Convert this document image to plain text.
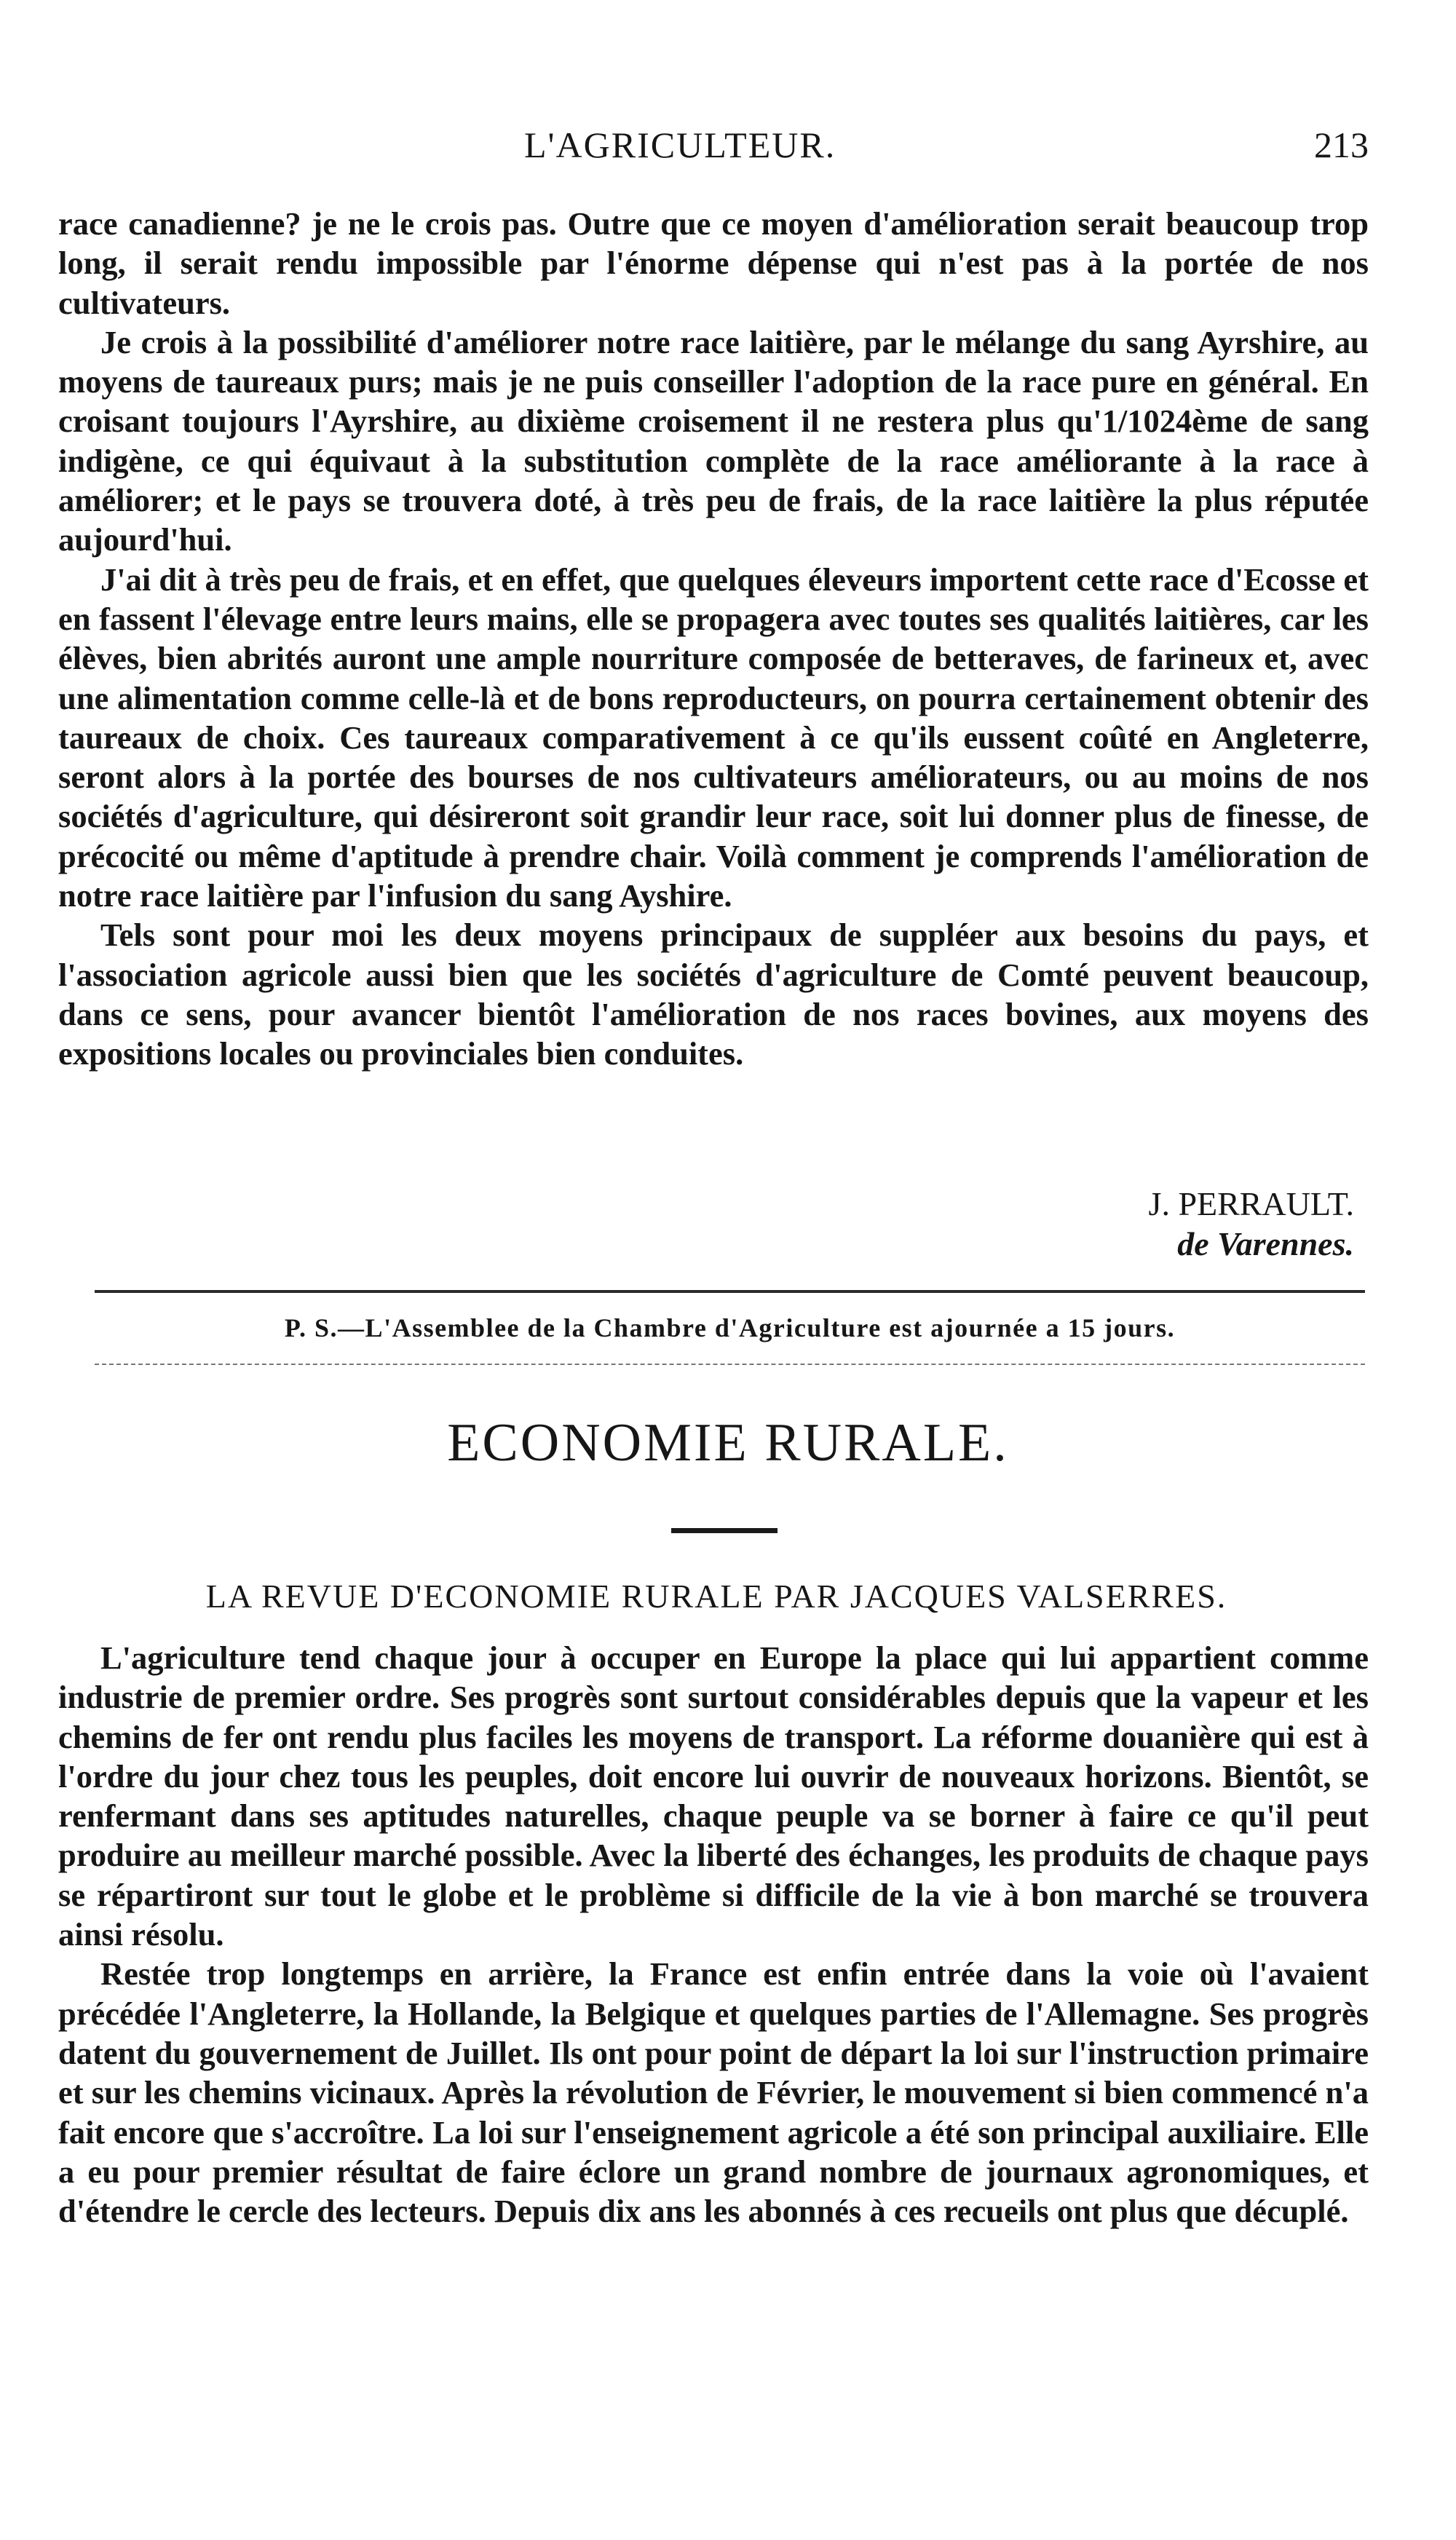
L'AGRICULTEUR.	213

race canadienne? je ne le crois pas. Outre que ce moyen d'amélioration serait beaucoup trop long, il serait rendu impossible par l'énorme dépense qui n'est pas à la portée de nos cultivateurs.

Je crois à la possibilité d'améliorer notre race laitière, par le mélange du sang Ayrshire, au moyens de taureaux purs; mais je ne puis conseiller l'adoption de la race pure en général. En croisant toujours l'Ayrshire, au dixième croisement il ne restera plus qu'1/1024ème de sang indigène, ce qui équivaut à la substitution complète de la race améliorante à la race à améliorer; et le pays se trouvera doté, à très peu de frais, de la race laitière la plus réputée aujourd'hui.

J'ai dit à très peu de frais, et en effet, que quelques éleveurs importent cette race d'Ecosse et en fassent l'élevage entre leurs mains, elle se propagera avec toutes ses qualités laitières, car les élèves, bien abrités auront une ample nourriture composée de betteraves, de farineux et, avec une alimentation comme celle-là et de bons reproducteurs, on pourra certainement obtenir des taureaux de choix. Ces taureaux comparativement à ce qu'ils eussent coûté en Angleterre, seront alors à la portée des bourses de nos cultivateurs améliorateurs, ou au moins de nos sociétés d'agriculture, qui désireront soit grandir leur race, soit lui donner plus de finesse, de précocité ou même d'aptitude à prendre chair. Voilà comment je comprends l'amélioration de notre race laitière par l'infusion du sang Ayshire.

Tels sont pour moi les deux moyens principaux de suppléer aux besoins du pays, et l'association agricole aussi bien que les sociétés d'agriculture de Comté peuvent beaucoup, dans ce sens, pour avancer bientôt l'amélioration de nos races bovines, aux moyens des expositions locales ou provinciales bien conduites.

J. PERRAULT.
de Varennes.
P. S.—L'Assemblee de la Chambre d'Agriculture est ajournée a 15 jours.
ECONOMIE RURALE.
LA REVUE D'ECONOMIE RURALE PAR JACQUES VALSERRES.

L'agriculture tend chaque jour à occuper en Europe la place qui lui appartient comme industrie de premier ordre. Ses progrès sont surtout considérables depuis que la vapeur et les chemins de fer ont rendu plus faciles les moyens de transport. La réforme douanière qui est à l'ordre du jour chez tous les peuples, doit encore lui ouvrir de nouveaux horizons. Bientôt, se renfermant dans ses aptitudes naturelles, chaque peuple va se borner à faire ce qu'il peut produire au meilleur marché possible. Avec la liberté des échanges, les produits de chaque pays se répartiront sur tout le globe et le problème si difficile de la vie à bon marché se trouvera ainsi résolu.

Restée trop longtemps en arrière, la France est enfin entrée dans la voie où l'avaient précédée l'Angleterre, la Hollande, la Belgique et quelques parties de l'Allemagne. Ses progrès datent du gouvernement de Juillet. Ils ont pour point de départ la loi sur l'instruction primaire et sur les chemins vicinaux. Après la révolution de Février, le mouvement si bien commencé n'a fait encore que s'accroître. La loi sur l'enseignement agricole a été son principal auxiliaire. Elle a eu pour premier résultat de faire éclore un grand nombre de journaux agronomiques, et d'étendre le cercle des lecteurs. Depuis dix ans les abonnés à ces recueils ont plus que décuplé.
